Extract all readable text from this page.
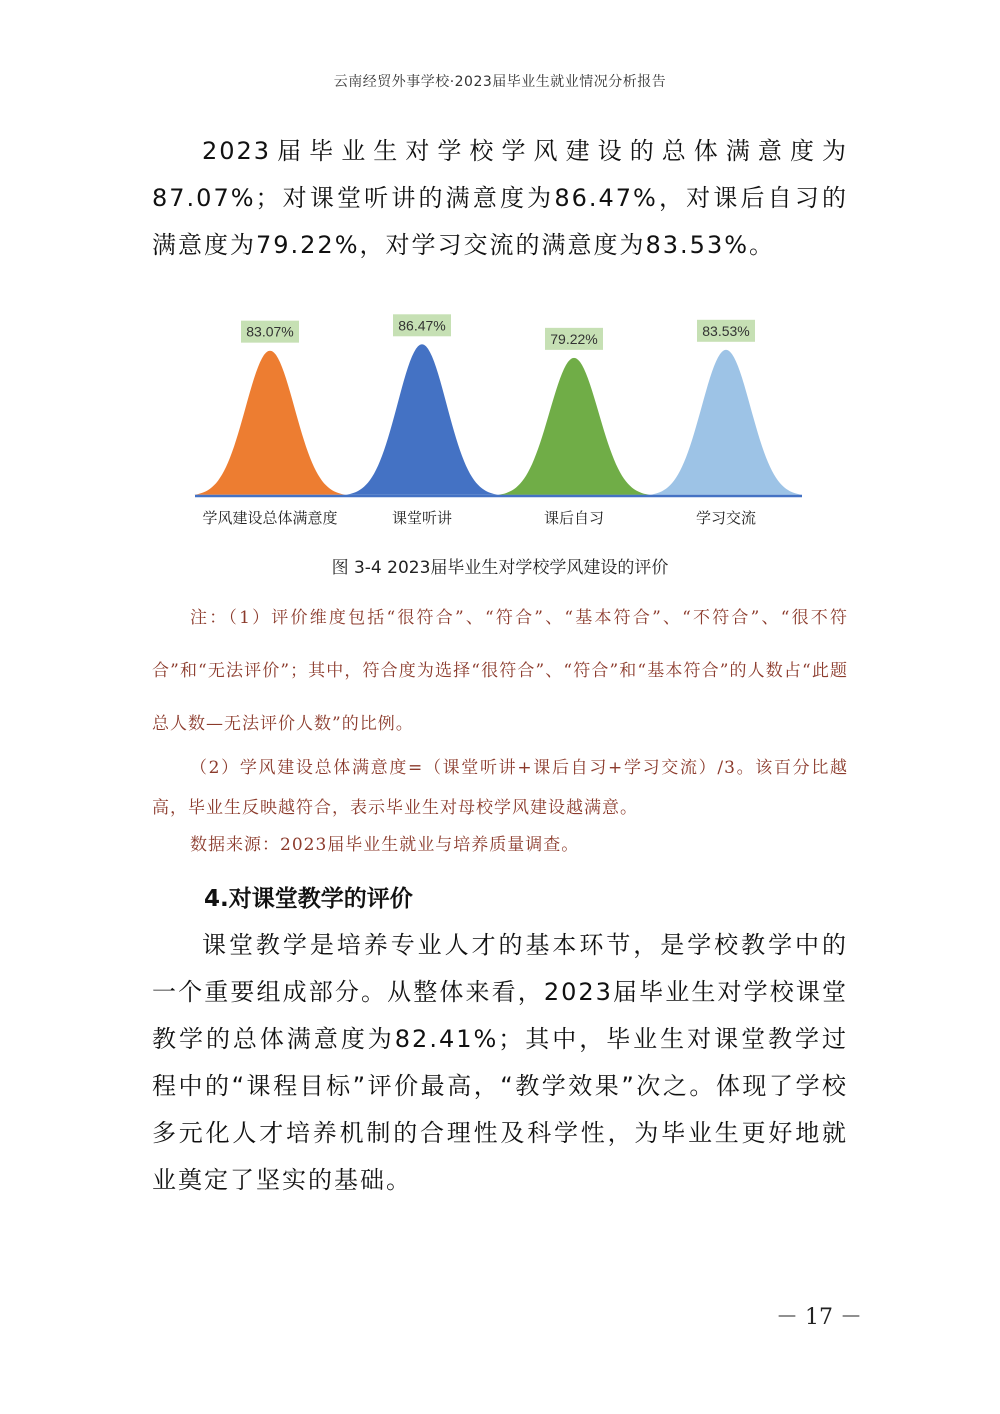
云南经贸外事学校·2023届毕业生就业情况分析报告

2023届毕业生对学校学风建设的总体满意度为87.07%；对课堂听讲的满意度为86.47%，对课后自习的满意度为79.22%，对学习交流的满意度为83.53%。

83.07%
学风建设总体满意度
86.47%
课堂听讲
79.22%
课后自习
83.53%
学习交流
图 3-4 2023届毕业生对学校学风建设的评价

注：（1）评价维度包括“很符合”、“符合”、“基本符合”、“不符合”、“很不符合”和“无法评价”；其中，符合度为选择“很符合”、“符合”和“基本符合”的人数占“此题总人数—无法评价人数”的比例。

（2）学风建设总体满意度=（课堂听讲+课后自习+学习交流）/3。该百分比越高，毕业生反映越符合，表示毕业生对母校学风建设越满意。

数据来源：2023届毕业生就业与培养质量调查。
4.对课堂教学的评价

课堂教学是培养专业人才的基本环节，是学校教学中的一个重要组成部分。从整体来看，2023届毕业生对学校课堂教学的总体满意度为82.41%；其中，毕业生对课堂教学过程中的“课程目标”评价最高，“教学效果”次之。体现了学校多元化人才培养机制的合理性及科学性，为毕业生更好地就业奠定了坚实的基础。

－ 17 －
